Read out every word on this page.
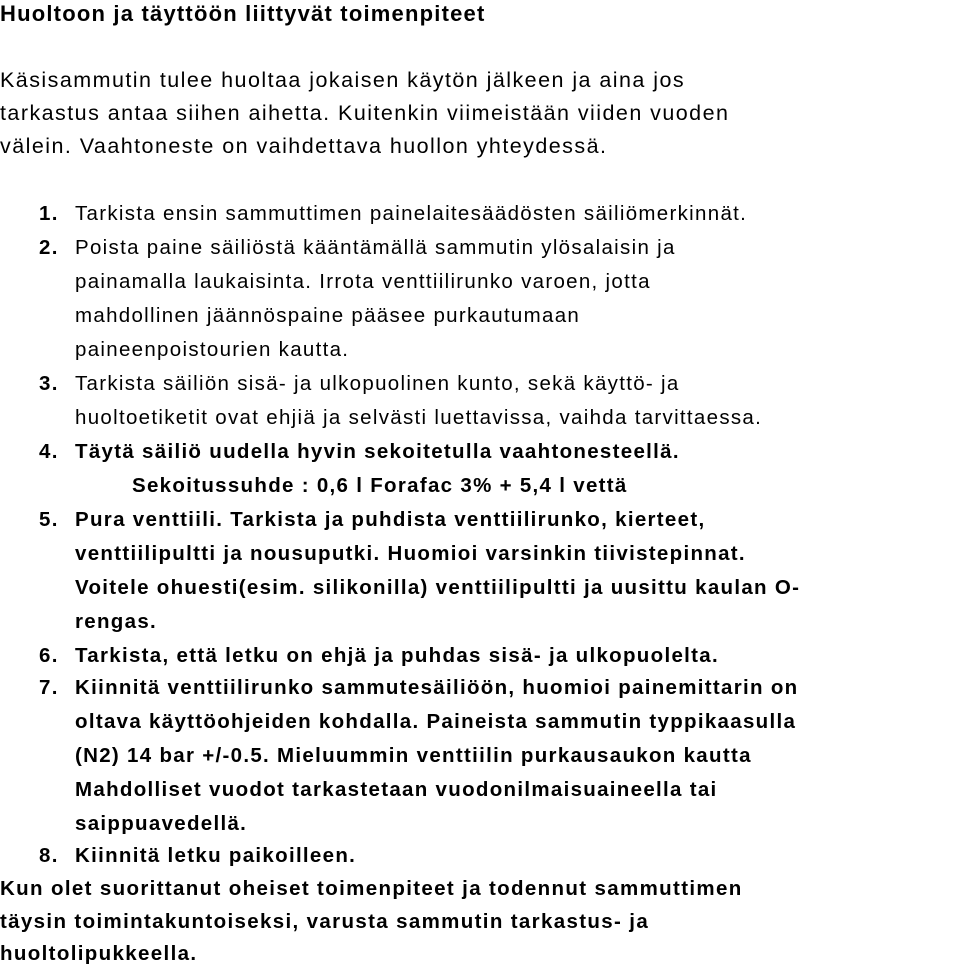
Huoltoon ja täyttöön liittyvät toimenpiteet
Käsisammutin tulee huoltaa jokaisen käytön jälkeen ja aina jos
tarkastus antaa siihen aihetta. Kuitenkin viimeistään viiden vuoden
välein. Vaahtoneste on vaihdettava huollon yhteydessä.
1. Tarkista ensin sammuttimen painelaitesäädösten säiliömerkinnät.
2. Poista paine säiliöstä kääntämällä sammutin ylösalaisin ja
painamalla laukaisinta. Irrota venttiilirunko varoen, jotta
mahdollinen jäännöspaine pääsee purkautumaan
paineenpoistourien kautta.
3. Tarkista säiliön sisä- ja ulkopuolinen kunto, sekä käyttö- ja
huoltoetiketit ovat ehjiä ja selvästi luettavissa, vaihda tarvittaessa.
4. Täytä säiliö uudella hyvin sekoitetulla vaahtonesteellä.
Sekoitussuhde : 0,6 l Forafac 3% + 5,4 l vettä
5. Pura venttiili. Tarkista ja puhdista venttiilirunko, kierteet,
venttiilipultti ja nousuputki. Huomioi varsinkin tiivistepinnat.
Voitele ohuesti(esim. silikonilla) venttiilipultti ja uusittu kaulan O-
rengas.
6. Tarkista, että letku on ehjä ja puhdas sisä- ja ulkopuolelta.
7. Kiinnitä venttiilirunko sammutesäiliöön, huomioi painemittarin on
oltava käyttöohjeiden kohdalla. Paineista sammutin typpikaasulla
(N2) 14 bar +/-0.5. Mieluummin venttiilin purkausaukon kautta
Mahdolliset vuodot tarkastetaan vuodonilmaisuaineella tai
saippuavedellä.
8. Kiinnitä letku paikoilleen.
Kun olet suorittanut oheiset toimenpiteet ja todennut sammuttimen
täysin toimintakuntoiseksi, varusta sammutin tarkastus- ja
huoltolipukkeella.
